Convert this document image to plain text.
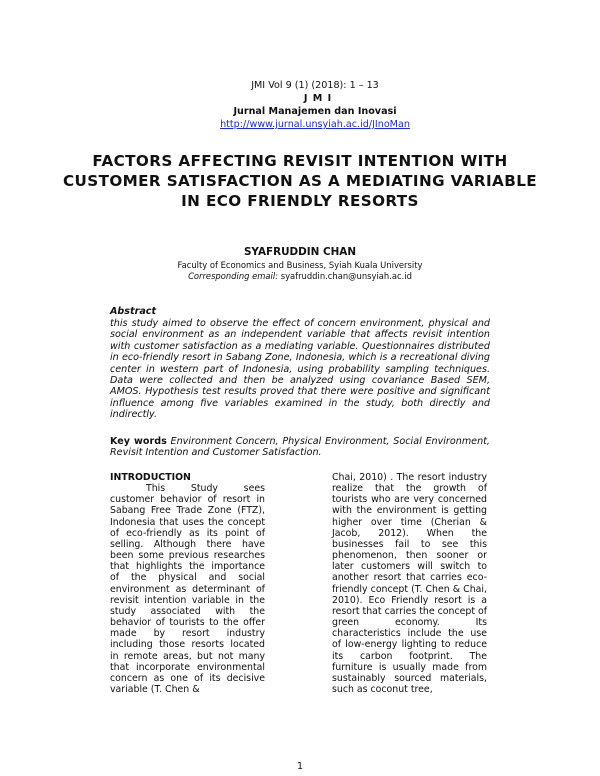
JMI Vol 9 (1) (2018): 1 – 13
J M I
Jurnal Manajemen dan Inovasi
http://www.jurnal.unsyiah.ac.id/JInoMan
FACTORS AFFECTING REVISIT INTENTION WITH CUSTOMER SATISFACTION AS A MEDIATING VARIABLE IN ECO FRIENDLY RESORTS
SYAFRUDDIN CHAN
Faculty of Economics and Business, Syiah Kuala University
Corresponding email: syafruddin.chan@unsyiah.ac.id
Abstract
this study aimed to observe the effect of concern environment, physical and social environment as an independent variable that affects revisit intention with customer satisfaction as a mediating variable. Questionnaires distributed in eco-friendly resort in Sabang Zone, Indonesia, which is a recreational diving center in western part of Indonesia, using probability sampling techniques. Data were collected and then be analyzed using covariance Based SEM, AMOS. Hypothesis test results proved that there were positive and significant influence among five variables examined in the study, both directly and indirectly.
Key words Environment Concern, Physical Environment, Social Environment, Revisit Intention and Customer Satisfaction.

INTRODUCTION

This Study sees customer behavior of resort in Sabang Free Trade Zone (FTZ), Indonesia that uses the concept of eco-friendly as its point of selling. Although there have been some previous researches that highlights the importance of the physical and social environment as determinant of revisit intention variable in the study associated with the behavior of tourists to the offer made by resort industry including those resorts located in remote areas, but not many that incorporate environmental concern as one of its decisive variable (T. Chen &

Chai, 2010) . The resort industry realize that the growth of tourists who are very concerned with the environment is getting higher over time (Cherian & Jacob, 2012). When the businesses fail to see this phenomenon, then sooner or later customers will switch to another resort that carries eco-friendly concept (T. Chen & Chai, 2010). Eco Friendly resort is a resort that carries the concept of green economy. Its characteristics include the use of low-energy lighting to reduce its carbon footprint. The furniture is usually made from sustainably sourced materials, such as coconut tree,

1
